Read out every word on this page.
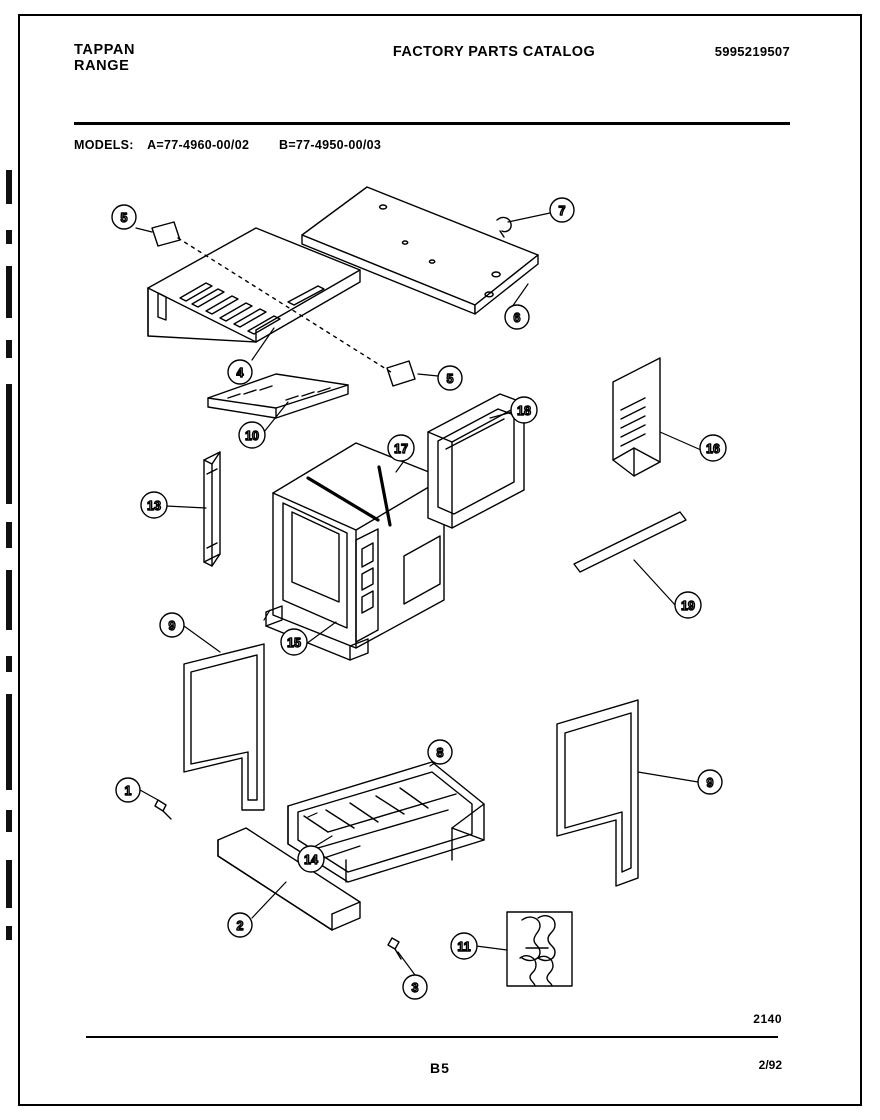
TAPPAN
RANGE
FACTORY PARTS CATALOG	5995219507
MODELS: A=77-4960-00/02 B=77-4950-00/03
1
2
3
4
5
5
6
7
8
9
9
10
11
13
14
15
16
17
18
19
2140
B5	2/92
